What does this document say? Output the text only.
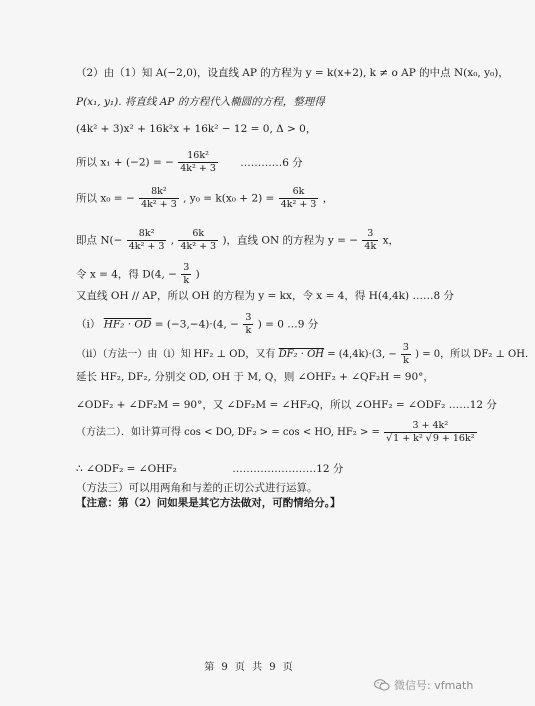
（2）由（1）知 A(−2,0)，设直线 AP 的方程为 y = k(x+2), k ≠ o AP 的中点 N(x₀, y₀)，
P(x₁, y₁). 将直线 AP 的方程代入椭圆的方程，整理得
(4k² + 3)x² + 16k²x + 16k² − 12 = 0, Δ > 0，
所以 x₁ + (−2) = − $\frac{\text{16k²}}{\text{4k² + 3}}$ …………6 分
所以 x₀ = − $\frac{\text{8k²}}{\text{4k² + 3}}$ , $y_0 = k(x_0 + 2) = \frac{6k}{\text{4k² + 3}}$ ，
即点 $N(- \frac{\text{8k²}}{\text{4k² + 3}}$ , $\frac{6k}{\text{4k² + 3}}$ )，直线 ON 的方程为 y = − $\frac{3}{4k}$ x，
令 x = 4，得 D(4, − $\frac{3}{k}$ )
又直线 OH // AP，所以 OH 的方程为 y = kx，令 x = 4，得 H(4,4k) ……8 分
（i） HF₂ · OD = (−3,−4)·(4, − $\frac{3}{k}$ ) = 0 …9 分
（ii）（方法一）由（i）知 HF₂ ⊥ OD，又有 DF₂ · OH = (4,4k)·(3, − $\frac{3}{k}$ ) = 0，所以 DF₂ ⊥ OH．
延长 HF₂, DF₂, 分别交 OD, OH 于 M, Q，则 ∠OHF₂ + ∠QF₂H = 90°，
∠ODF₂ + ∠DF₂M = 90°，又 ∠DF₂M = ∠HF₂Q，所以 ∠OHF₂ = ∠ODF₂ ……12 分
（方法二）．如计算可得 cos < DO, DF₂ > = cos < HO, HF₂ > = $\frac{\text{3 + 4k²}}{\text{√1 + k² √9 + 16k²}}$
∴ ∠ODF₂ = ∠OHF₂	……………………12 分
（方法三）可以用两角和与差的正切公式进行运算。
【注意：第（2）问如果是其它方法做对，可酌情给分。】
第 9 页 共 9 页
微信号: vfmath
